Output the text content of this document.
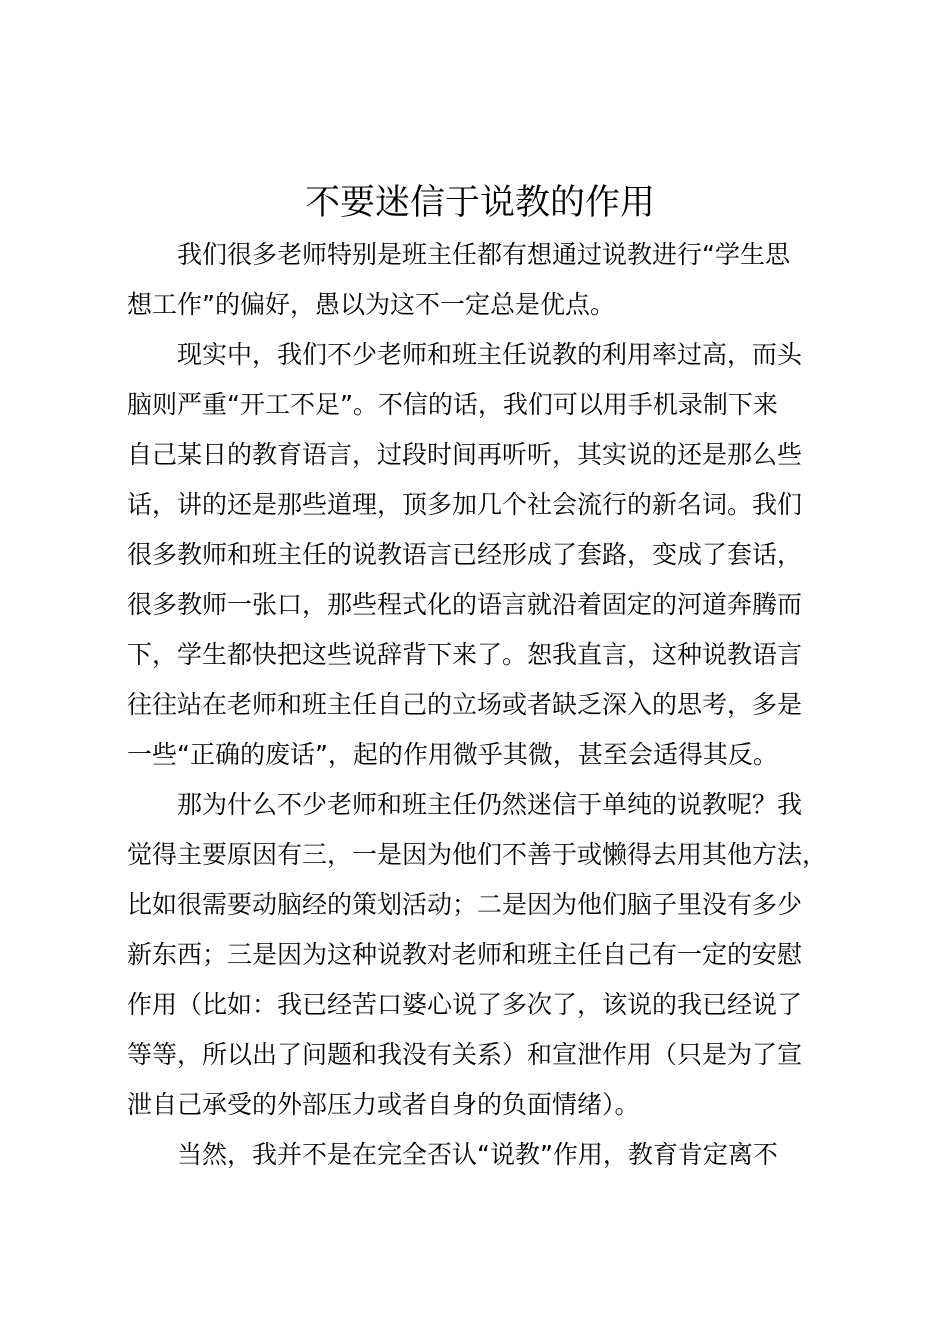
不要迷信于说教的作用
我们很多老师特别是班主任都有想通过说教进行“学生思
想工作”的偏好，愚以为这不一定总是优点。
现实中，我们不少老师和班主任说教的利用率过高，而头
脑则严重“开工不足”。不信的话，我们可以用手机录制下来
自己某日的教育语言，过段时间再听听，其实说的还是那么些
话，讲的还是那些道理，顶多加几个社会流行的新名词。我们
很多教师和班主任的说教语言已经形成了套路，变成了套话，
很多教师一张口，那些程式化的语言就沿着固定的河道奔腾而
下，学生都快把这些说辞背下来了。恕我直言，这种说教语言
往往站在老师和班主任自己的立场或者缺乏深入的思考，多是
一些“正确的废话”，起的作用微乎其微，甚至会适得其反。
那为什么不少老师和班主任仍然迷信于单纯的说教呢？我
觉得主要原因有三，一是因为他们不善于或懒得去用其他方法，
比如很需要动脑经的策划活动；二是因为他们脑子里没有多少
新东西；三是因为这种说教对老师和班主任自己有一定的安慰
作用（比如：我已经苦口婆心说了多次了，该说的我已经说了
等等，所以出了问题和我没有关系）和宣泄作用（只是为了宣
泄自己承受的外部压力或者自身的负面情绪）。
当然，我并不是在完全否认“说教”作用，教育肯定离不
